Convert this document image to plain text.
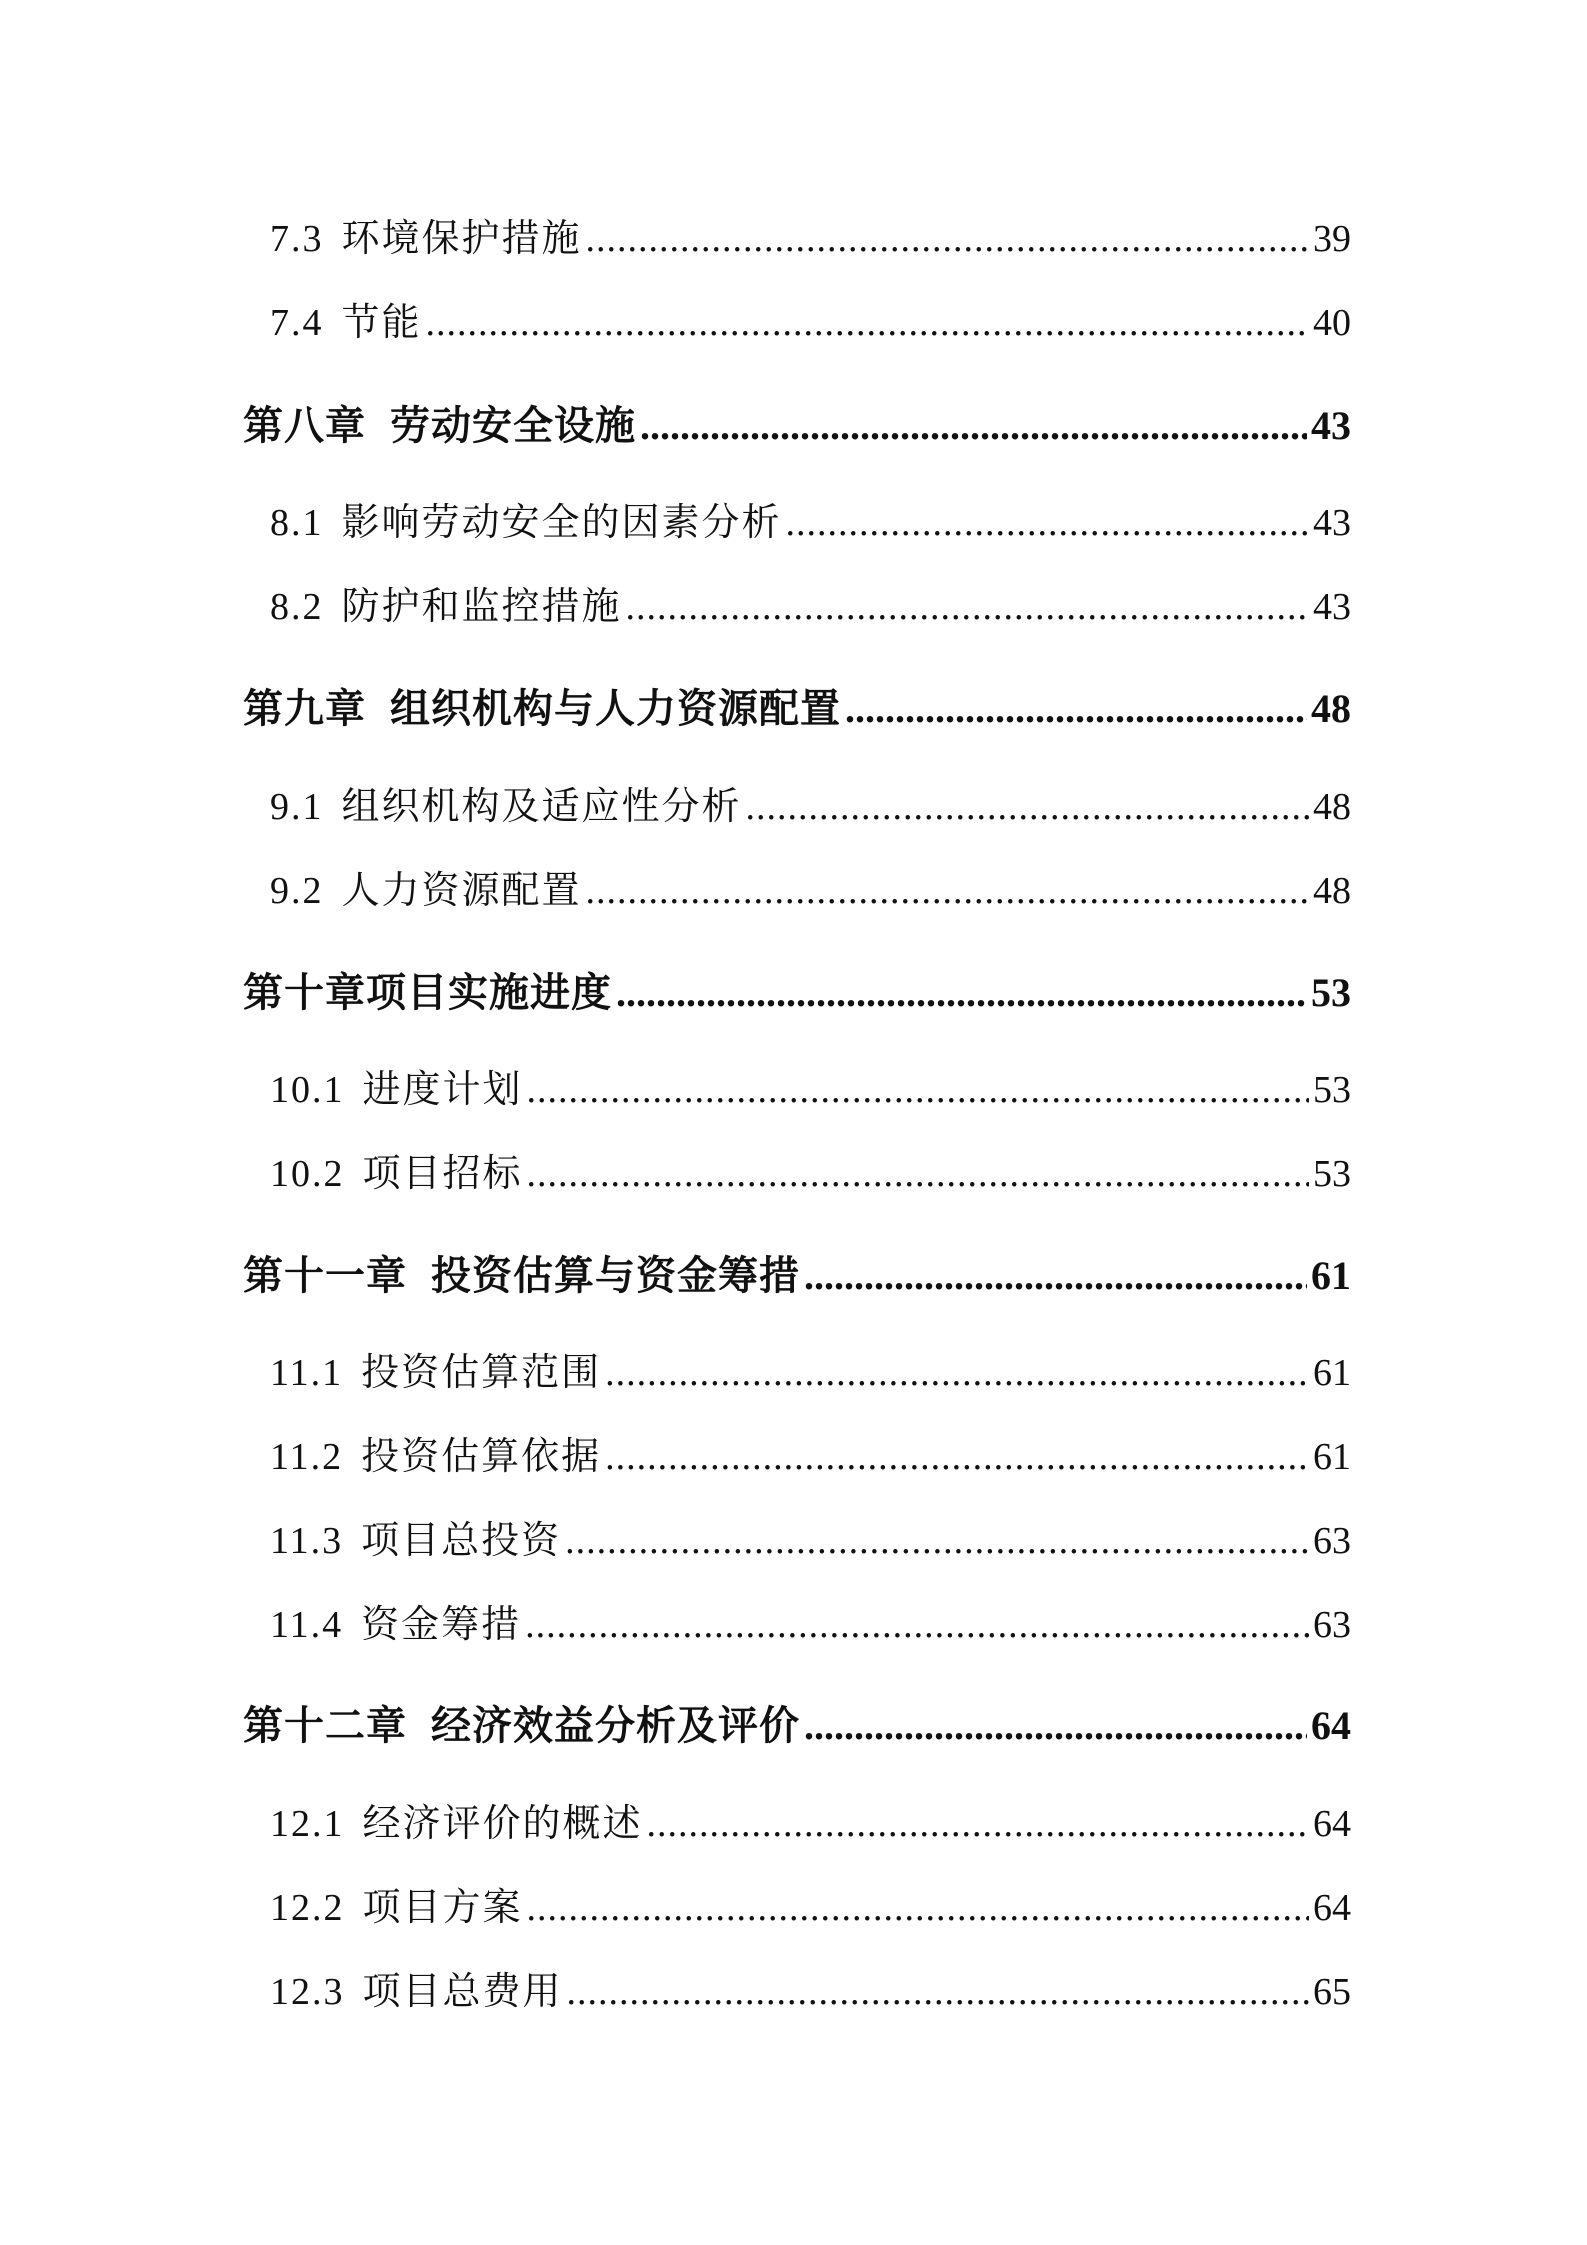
7.3 环境保护措施 .....	39
7.4 节能 .....	40
第八章 劳动安全设施 .....	43
8.1 影响劳动安全的因素分析 .....	43
8.2 防护和监控措施 .....	43
第九章 组织机构与人力资源配置 .....	48
9.1 组织机构及适应性分析 .....	48
9.2 人力资源配置 .....	48
第十章项目实施进度 .....	53
10.1 进度计划 .....	53
10.2 项目招标 .....	53
第十一章 投资估算与资金筹措 .....	61
11.1 投资估算范围 .....	61
11.2 投资估算依据 .....	61
11.3 项目总投资 .....	63
11.4 资金筹措 .....	63
第十二章 经济效益分析及评价 .....	64
12.1 经济评价的概述 .....	64
12.2 项目方案 .....	64
12.3 项目总费用 .....	65
